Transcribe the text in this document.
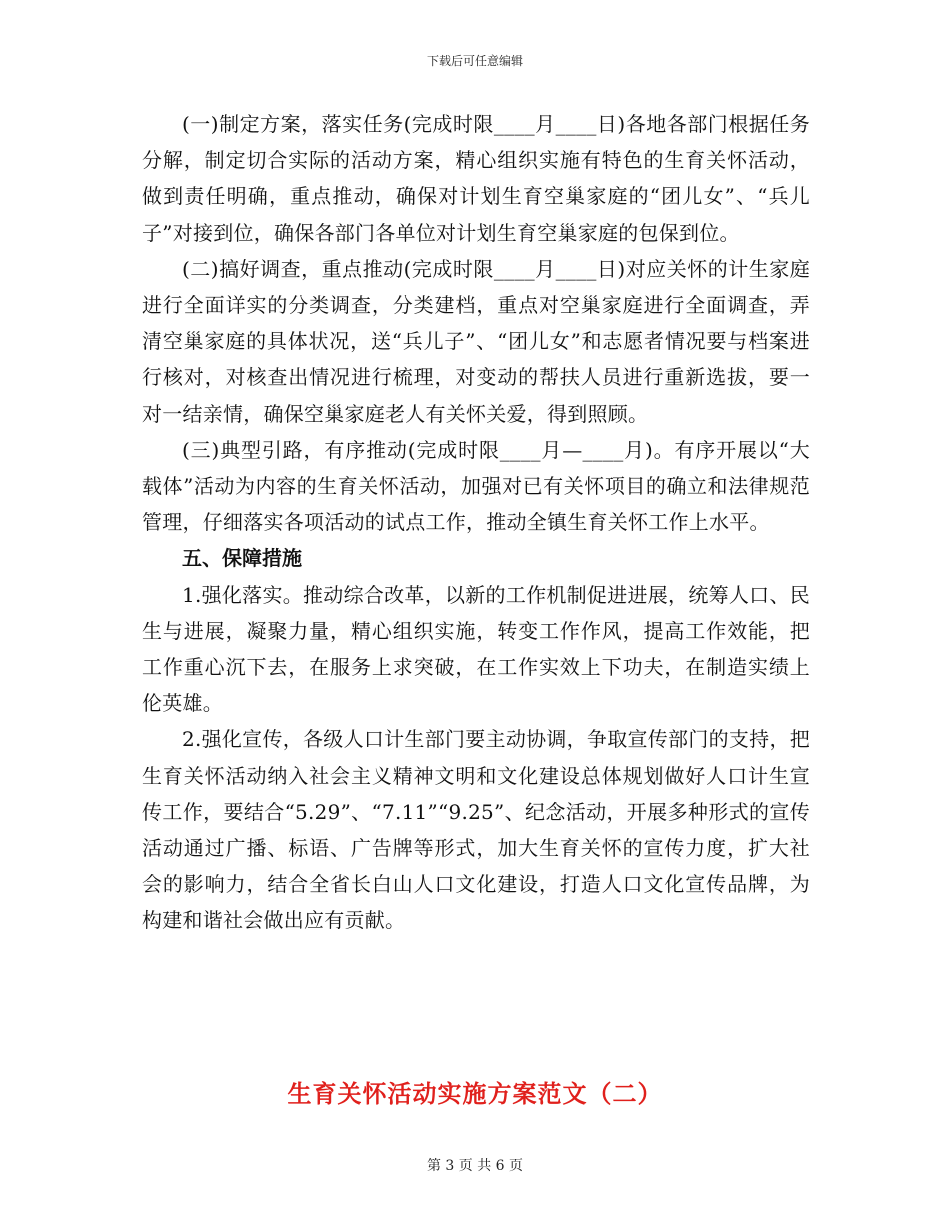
下载后可任意编辑

(一)制定方案，落实任务(完成时限____月____日)各地各部门根据任务分解，制定切合实际的活动方案，精心组织实施有特色的生育关怀活动，做到责任明确，重点推动，确保对计划生育空巢家庭的“团儿女”、“兵儿子”对接到位，确保各部门各单位对计划生育空巢家庭的包保到位。

(二)搞好调查，重点推动(完成时限____月____日)对应关怀的计生家庭进行全面详实的分类调查，分类建档，重点对空巢家庭进行全面调查，弄清空巢家庭的具体状况，送“兵儿子”、“团儿女”和志愿者情况要与档案进行核对，对核查出情况进行梳理，对变动的帮扶人员进行重新选拔，要一对一结亲情，确保空巢家庭老人有关怀关爱，得到照顾。

(三)典型引路，有序推动(完成时限____月—____月)。有序开展以“大载体”活动为内容的生育关怀活动，加强对已有关怀项目的确立和法律规范管理，仔细落实各项活动的试点工作，推动全镇生育关怀工作上水平。

五、保障措施

1.强化落实。推动综合改革，以新的工作机制促进进展，统筹人口、民生与进展，凝聚力量，精心组织实施，转变工作作风，提高工作效能，把工作重心沉下去，在服务上求突破，在工作实效上下功夫，在制造实绩上伦英雄。

2.强化宣传，各级人口计生部门要主动协调，争取宣传部门的支持，把生育关怀活动纳入社会主义精神文明和文化建设总体规划做好人口计生宣传工作，要结合“5.29”、“7.11”“9.25”、纪念活动，开展多种形式的宣传活动通过广播、标语、广告牌等形式，加大生育关怀的宣传力度，扩大社会的影响力，结合全省长白山人口文化建设，打造人口文化宣传品牌，为构建和谐社会做出应有贡献。

生育关怀活动实施方案范文（二）
第 3 页 共 6 页
